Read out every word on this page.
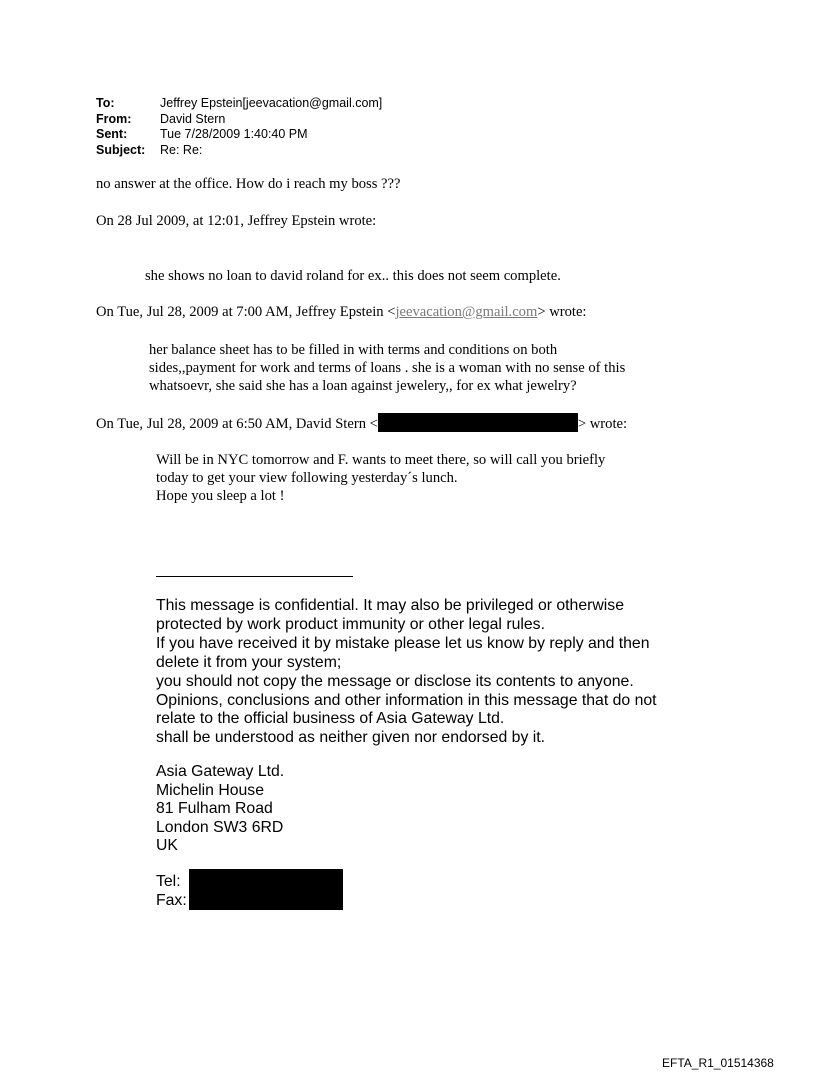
To:	Jeffrey Epstein[jeevacation@gmail.com]
From:	David Stern
Sent:	Tue 7/28/2009 1:40:40 PM
Subject:	Re: Re:
no answer at the office. How do i reach my boss ???
On 28 Jul 2009, at 12:01, Jeffrey Epstein wrote:
she shows no loan to david roland for ex.. this does not seem complete.
On Tue, Jul 28, 2009 at 7:00 AM, Jeffrey Epstein <jeevacation@gmail.com> wrote:
her balance sheet has to be filled in with terms and conditions on both
sides,,payment for work and terms of loans . she is a woman with no sense of this
whatsoevr, she said she has a loan against jewelery,, for ex what jewelry?
On Tue, Jul 28, 2009 at 6:50 AM, David Stern <	> wrote:
Will be in NYC tomorrow and F. wants to meet there, so will call you briefly
today to get your view following yesterday´s lunch.
Hope you sleep a lot !
This message is confidential. It may also be privileged or otherwise
protected by work product immunity or other legal rules.
If you have received it by mistake please let us know by reply and then
delete it from your system;
you should not copy the message or disclose its contents to anyone.
Opinions, conclusions and other information in this message that do not
relate to the official business of Asia Gateway Ltd.
shall be understood as neither given nor endorsed by it.
Asia Gateway Ltd.
Michelin House
81 Fulham Road
London SW3 6RD
UK
Tel:
Fax:
EFTA_R1_01514368
